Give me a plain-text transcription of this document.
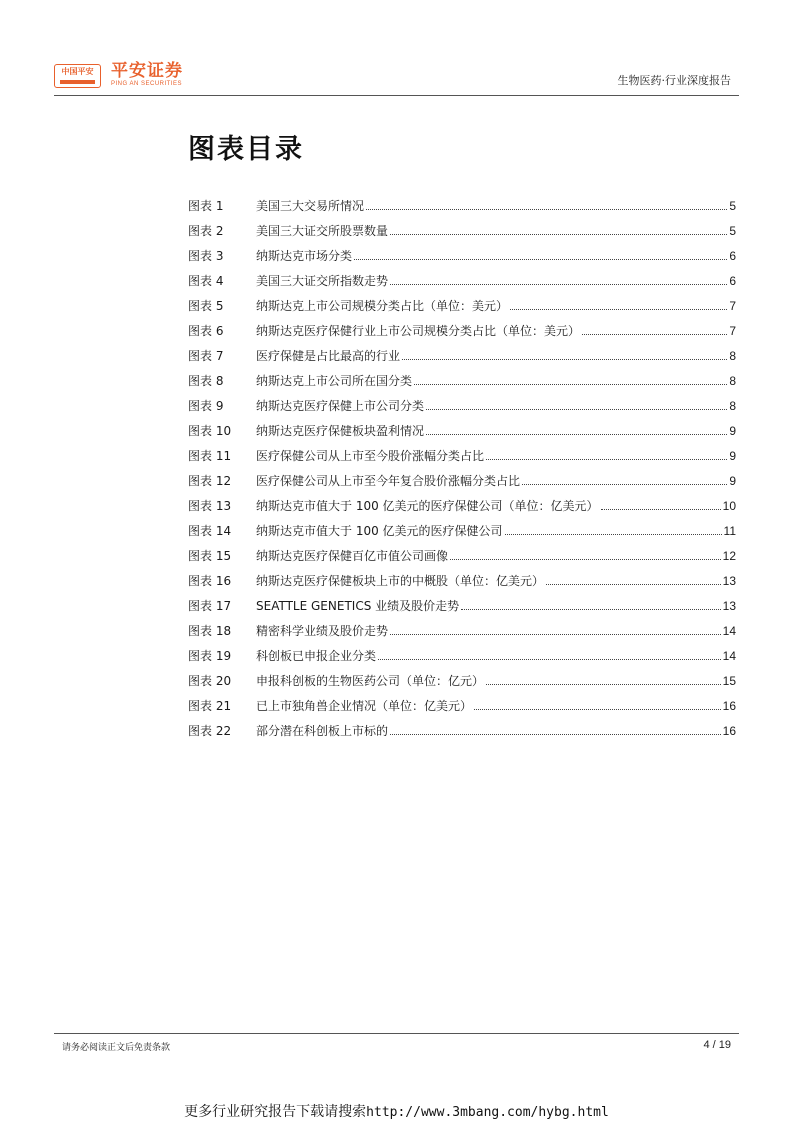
中国平安	平安证券
PING AN SECURITIES	生物医药·行业深度报告
图表目录
图表 1	美国三大交易所情况	5
图表 2	美国三大证交所股票数量	5
图表 3	纳斯达克市场分类	6
图表 4	美国三大证交所指数走势	6
图表 5	纳斯达克上市公司规模分类占比（单位：美元）	7
图表 6	纳斯达克医疗保健行业上市公司规模分类占比（单位：美元）	7
图表 7	医疗保健是占比最高的行业	8
图表 8	纳斯达克上市公司所在国分类	8
图表 9	纳斯达克医疗保健上市公司分类	8
图表 10	纳斯达克医疗保健板块盈利情况	9
图表 11	医疗保健公司从上市至今股价涨幅分类占比	9
图表 12	医疗保健公司从上市至今年复合股价涨幅分类占比	9
图表 13	纳斯达克市值大于 100 亿美元的医疗保健公司（单位：亿美元）	10
图表 14	纳斯达克市值大于 100 亿美元的医疗保健公司	11
图表 15	纳斯达克医疗保健百亿市值公司画像	12
图表 16	纳斯达克医疗保健板块上市的中概股（单位：亿美元）	13
图表 17	SEATTLE GENETICS 业绩及股价走势	13
图表 18	精密科学业绩及股价走势	14
图表 19	科创板已申报企业分类	14
图表 20	申报科创板的生物医药公司（单位：亿元）	15
图表 21	已上市独角兽企业情况（单位：亿美元）	16
图表 22	部分潜在科创板上市标的	16
请务必阅读正文后免责条款	4 / 19
更多行业研究报告下载请搜索http://www.3mbang.com/hybg.html
